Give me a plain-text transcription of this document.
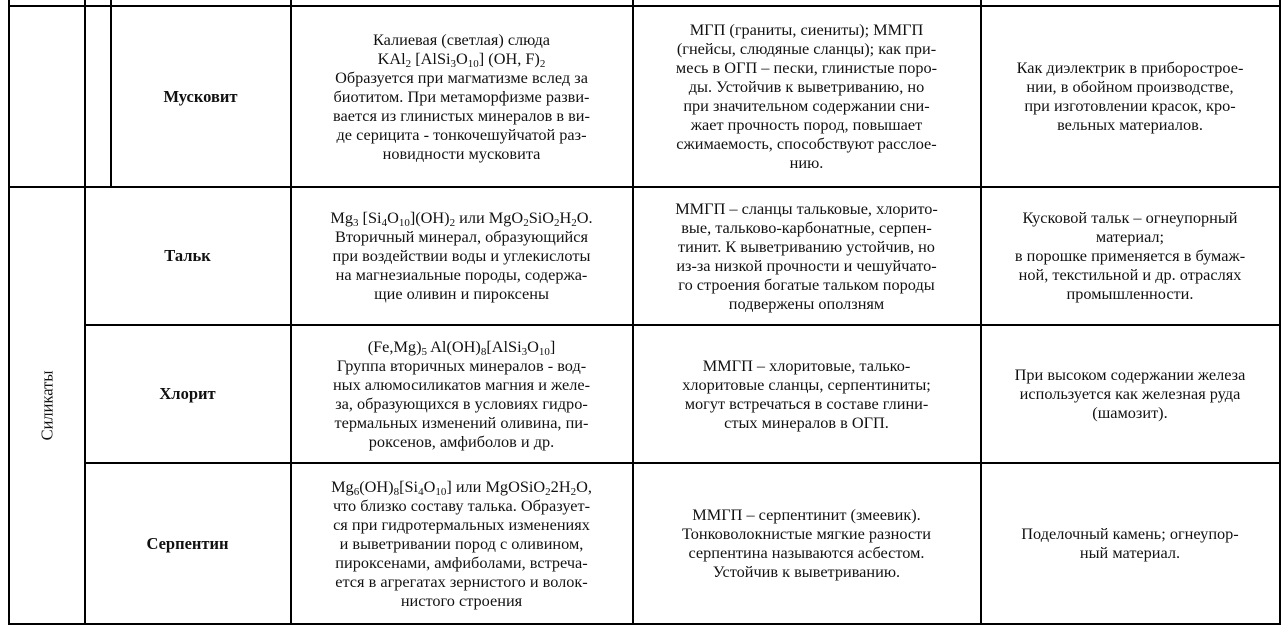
Силикаты
Мусковит

Калиевая (светлая) слюда

KAl$_2$ $[AlSi_3O_{10}]$ (OH, $F)_2$

Образуется при магматизме вслед за

биотитом. При метаморфизме разви-

вается из глинистых минералов в ви-

де серицита - тонкочешуйчатой раз-

новидности мусковита

МГП (граниты, сиениты); ММГП

(гнейсы, слюдяные сланцы); как при-

месь в ОГП – пески, глинистые поро-

ды. Устойчив к выветриванию, но

при значительном содержании сни-

жает прочность пород, повышает

сжимаемость, способствуют расслое-

нию.

Как диэлектрик в приборострое-

нии, в обойном производстве,

при изготовлении красок, кро-

вельных материалов.

Тальк

$Mg_3$ $[Si_4O_{10}](OH)_2$ или $MgO_2SiO_2H_2O$.

Вторичный минерал, образующийся

при воздействии воды и углекислоты

на магнезиальные породы, содержа-

щие оливин и пироксены

ММГП – сланцы тальковые, хлорито-

вые, тальково-карбонатные, серпен-

тинит. К выветриванию устойчив, но

из-за низкой прочности и чешуйчато-

го строения богатые тальком породы

подвержены оползням

Кусковой тальк – огнеупорный

материал;

в порошке применяется в бумаж-

ной, текстильной и др. отраслях

промышленности.

Хлорит

$(Fe,Mg)_5$ $Al(OH)_8[AlSi_3O_{10}]$

Группа вторичных минералов - вод-

ных алюмосиликатов магния и желе-

за, образующихся в условиях гидро-

термальных изменений оливина, пи-

роксенов, амфиболов и др.

ММГП – хлоритовые, талько-

хлоритовые сланцы, серпентиниты;

могут встречаться в составе глини-

стых минералов в ОГП.

При высоком содержании железа

используется как железная руда

(шамозит).

Серпентин

$Mg_6(OH)_8[Si_4O_{10}]$ или $MgOSiO_22H_2O$,

что близко составу талька. Образует-

ся при гидротермальных изменениях

и выветривании пород с оливином,

пироксенами, амфиболами, встреча-

ется в агрегатах зернистого и волок-

нистого строения

ММГП – серпентинит (змеевик).

Тонковолокнистые мягкие разности

серпентина называются асбестом.

Устойчив к выветриванию.

Поделочный камень; огнеупор-

ный материал.
